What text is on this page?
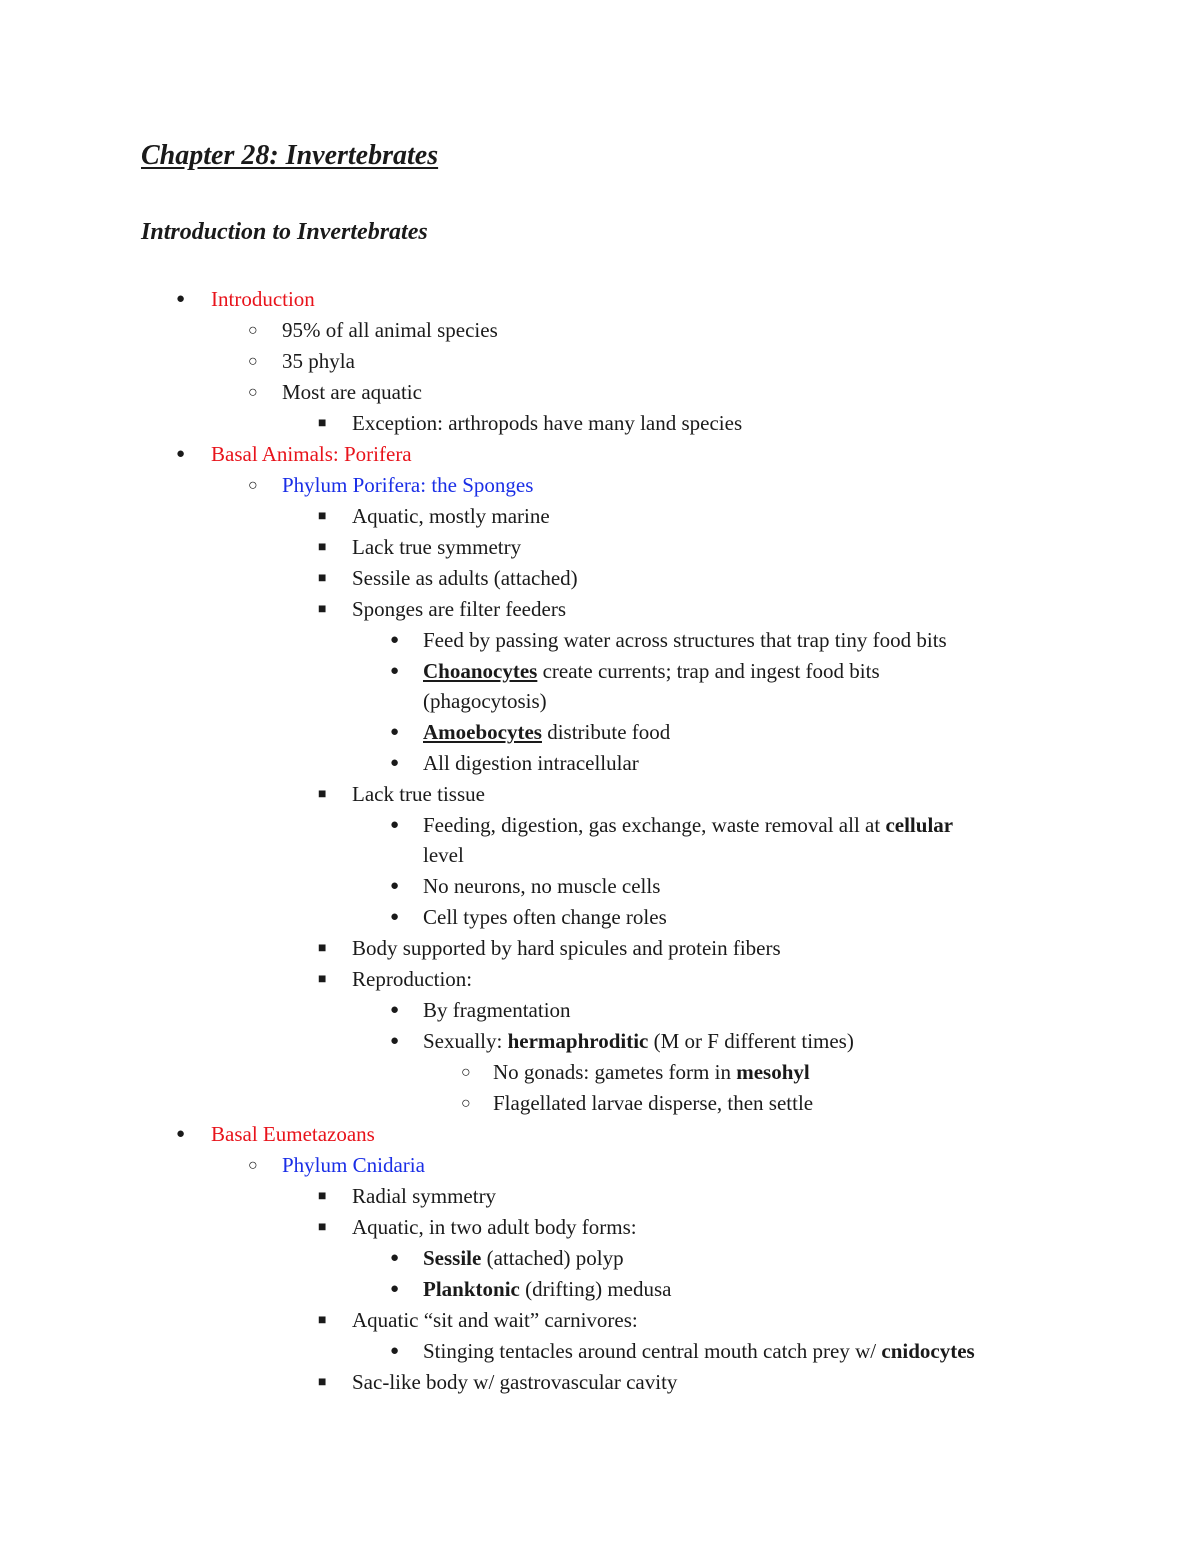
Chapter 28: Invertebrates
Introduction to Invertebrates
● Introduction
○ 95% of all animal species
○ 35 phyla
○ Most are aquatic
■ Exception: arthropods have many land species
● Basal Animals: Porifera
○ Phylum Porifera: the Sponges
■ Aquatic, mostly marine
■ Lack true symmetry
■ Sessile as adults (attached)
■ Sponges are filter feeders
● Feed by passing water across structures that trap tiny food bits
● Choanocytes create currents; trap and ingest food bits
(phagocytosis)
● Amoebocytes distribute food
● All digestion intracellular
■ Lack true tissue
● Feeding, digestion, gas exchange, waste removal all at cellular
level
● No neurons, no muscle cells
● Cell types often change roles
■ Body supported by hard spicules and protein fibers
■ Reproduction:
● By fragmentation
● Sexually: hermaphroditic (M or F different times)
○ No gonads: gametes form in mesohyl
○ Flagellated larvae disperse, then settle
● Basal Eumetazoans
○ Phylum Cnidaria
■ Radial symmetry
■ Aquatic, in two adult body forms:
● Sessile (attached) polyp
● Planktonic (drifting) medusa
■ Aquatic “sit and wait” carnivores:
● Stinging tentacles around central mouth catch prey w/ cnidocytes
■ Sac-like body w/ gastrovascular cavity
